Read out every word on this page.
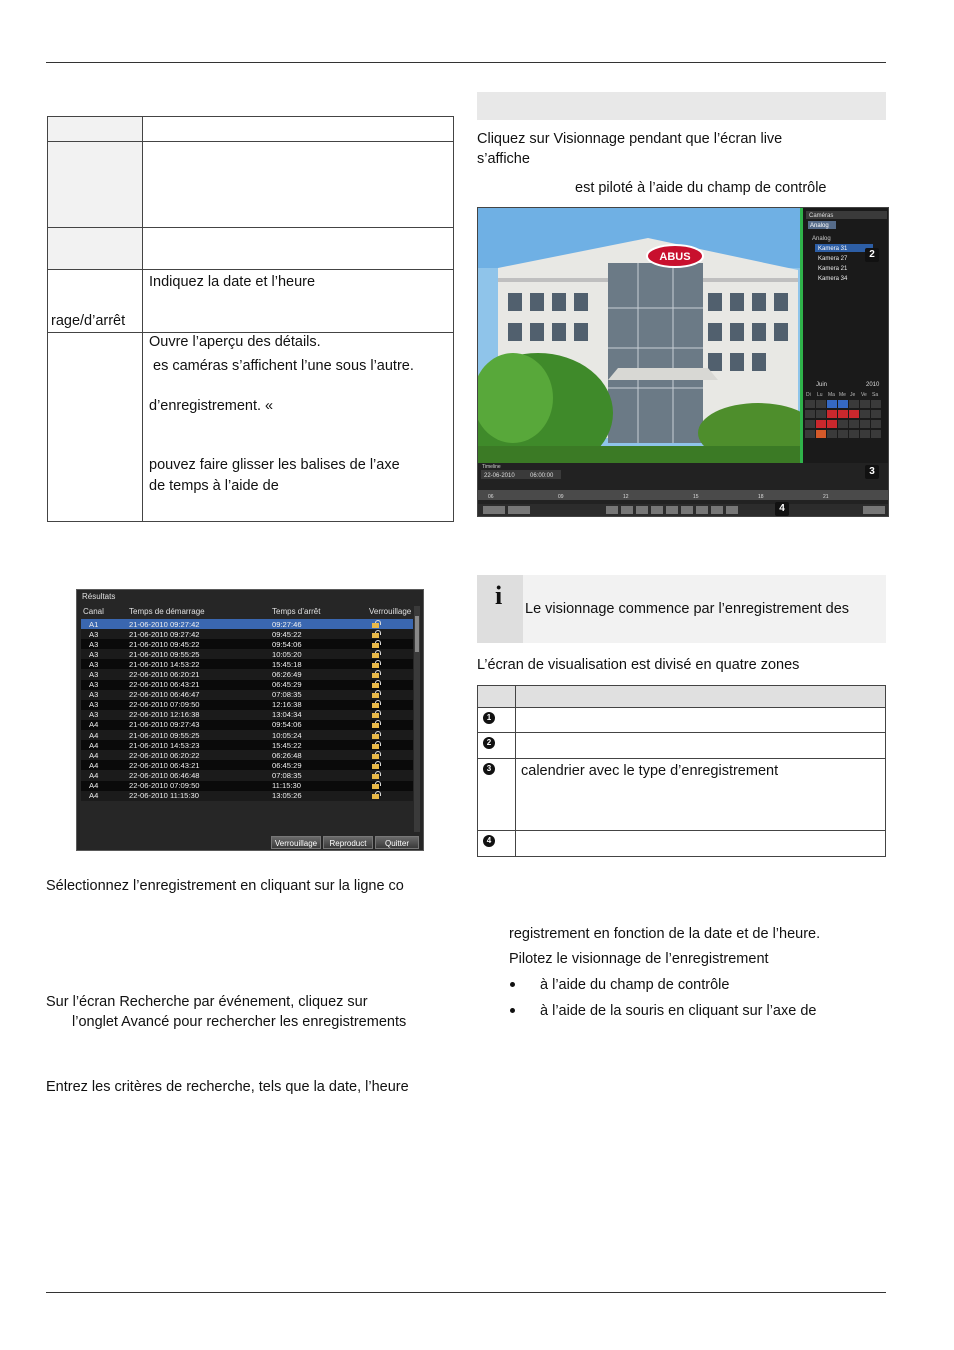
rage/d’arrêt	Indiquez la date et l’heure

	Ouvre l’aperçu des détails.
es caméras s’affichent l’une sous l’autre.
d’enregistrement. «
pouvez faire glisser les balises de l’axe
de temps à l’aide de
Résultats
Canal	Temps de démarrage	Temps d’arrêt	Verrouillage
A1	21-06-2010 09:27:42	09:27:46
A3	21-06-2010 09:27:42	09:45:22
A3	21-06-2010 09:45:22	09:54:06
A3	21-06-2010 09:55:25	10:05:20
A3	21-06-2010 14:53:22	15:45:18
A3	22-06-2010 06:20:21	06:26:49
A3	22-06-2010 06:43:21	06:45:29
A3	22-06-2010 06:46:47	07:08:35
A3	22-06-2010 07:09:50	12:16:38
A3	22-06-2010 12:16:38	13:04:34
A4	21-06-2010 09:27:43	09:54:06
A4	21-06-2010 09:55:25	10:05:24
A4	21-06-2010 14:53:23	15:45:22
A4	22-06-2010 06:20:22	06:26:48
A4	22-06-2010 06:43:21	06:45:29
A4	22-06-2010 06:46:48	07:08:35
A4	22-06-2010 07:09:50	11:15:30
A4	22-06-2010 11:15:30	13:05:26
Verrouillage	Reproduct	Quitter
Sélectionnez l’enregistrement en cliquant sur la ligne co
Sur l’écran Recherche par événement, cliquez sur
l’onglet Avancé pour rechercher les enregistrements
Entrez les critères de recherche, tels que la date, l’heure
Cliquez sur Visionnage pendant que l’écran live
s’affiche
est piloté à l’aide du champ de contrôle
ABUS
Caméras
Analog
Analog
Kamera 31
Kamera 27
Kamera 21
Kamera 34
Juin	2010
Di Lu Ma Me Je Ve Sa
Timeline
22-06-2010	06:00:00
06	09	12	15	18	21
2
3
4
i Le visionnage commence par l’enregistrement des
L’écran de visualisation est divisé en quatre zones

1	

2	

3	calendrier avec le type d’enregistrement

4	

registrement en fonction de la date et de l’heure.
Pilotez le visionnage de l’enregistrement
à l’aide du champ de contrôle
à l’aide de la souris en cliquant sur l’axe de
